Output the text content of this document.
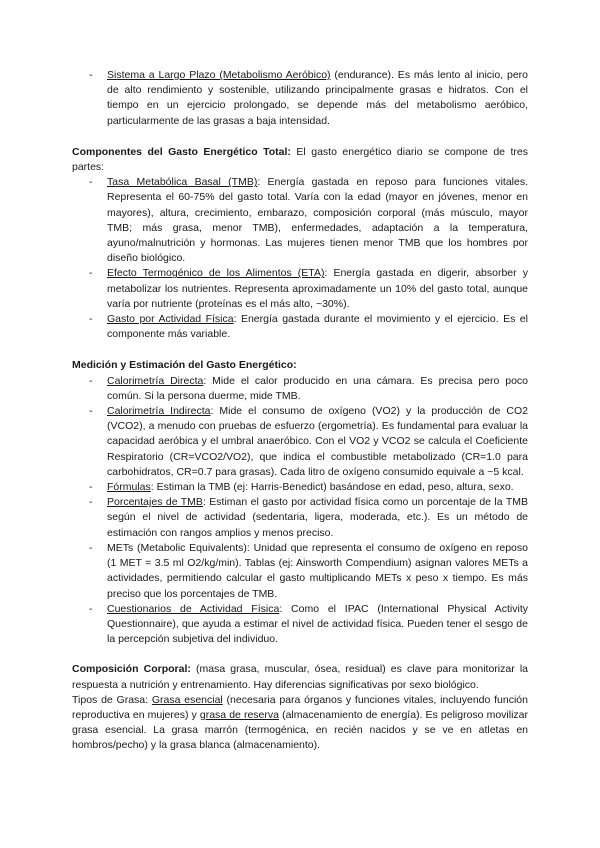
- Sistema a Largo Plazo (Metabolismo Aeróbico) (endurance). Es más lento al inicio, pero de alto rendimiento y sostenible, utilizando principalmente grasas e hidratos. Con el tiempo en un ejercicio prolongado, se depende más del metabolismo aeróbico, particularmente de las grasas a baja intensidad.

Componentes del Gasto Energético Total: El gasto energético diario se compone de tres partes:

- Tasa Metabólica Basal (TMB): Energía gastada en reposo para funciones vitales. Representa el 60-75% del gasto total. Varía con la edad (mayor en jóvenes, menor en mayores), altura, crecimiento, embarazo, composición corporal (más músculo, mayor TMB; más grasa, menor TMB), enfermedades, adaptación a la temperatura, ayuno/malnutrición y hormonas. Las mujeres tienen menor TMB que los hombres por diseño biológico.
- Efecto Termogénico de los Alimentos (ETA): Energía gastada en digerir, absorber y metabolizar los nutrientes. Representa aproximadamente un 10% del gasto total, aunque varía por nutriente (proteínas es el más alto, ~30%).
- Gasto por Actividad Física: Energía gastada durante el movimiento y el ejercicio. Es el componente más variable.

Medición y Estimación del Gasto Energético:

- Calorimetría Directa: Mide el calor producido en una cámara. Es precisa pero poco común. Si la persona duerme, mide TMB.
- Calorimetría Indirecta: Mide el consumo de oxígeno (VO2) y la producción de CO2 (VCO2), a menudo con pruebas de esfuerzo (ergometría). Es fundamental para evaluar la capacidad aeróbica y el umbral anaeróbico. Con el VO2 y VCO2 se calcula el Coeficiente Respiratorio (CR=VCO2/VO2), que indica el combustible metabolizado (CR=1.0 para carbohidratos, CR=0.7 para grasas). Cada litro de oxígeno consumido equivale a ~5 kcal.
- Fórmulas: Estiman la TMB (ej: Harris-Benedict) basándose en edad, peso, altura, sexo.
- Porcentajes de TMB: Estiman el gasto por actividad física como un porcentaje de la TMB según el nivel de actividad (sedentaria, ligera, moderada, etc.). Es un método de estimación con rangos amplios y menos preciso.
- METs (Metabolic Equivalents): Unidad que representa el consumo de oxígeno en reposo (1 MET = 3.5 ml O2/kg/min). Tablas (ej: Ainsworth Compendium) asignan valores METs a actividades, permitiendo calcular el gasto multiplicando METs x peso x tiempo. Es más preciso que los porcentajes de TMB.
- Cuestionarios de Actividad Física: Como el IPAC (International Physical Activity Questionnaire), que ayuda a estimar el nivel de actividad física. Pueden tener el sesgo de la percepción subjetiva del individuo.

Composición Corporal: (masa grasa, muscular, ósea, residual) es clave para monitorizar la respuesta a nutrición y entrenamiento. Hay diferencias significativas por sexo biológico.

Tipos de Grasa: Grasa esencial (necesaria para órganos y funciones vitales, incluyendo función reproductiva en mujeres) y grasa de reserva (almacenamiento de energía). Es peligroso movilizar grasa esencial. La grasa marrón (termogénica, en recién nacidos y se ve en atletas en hombros/pecho) y la grasa blanca (almacenamiento).
